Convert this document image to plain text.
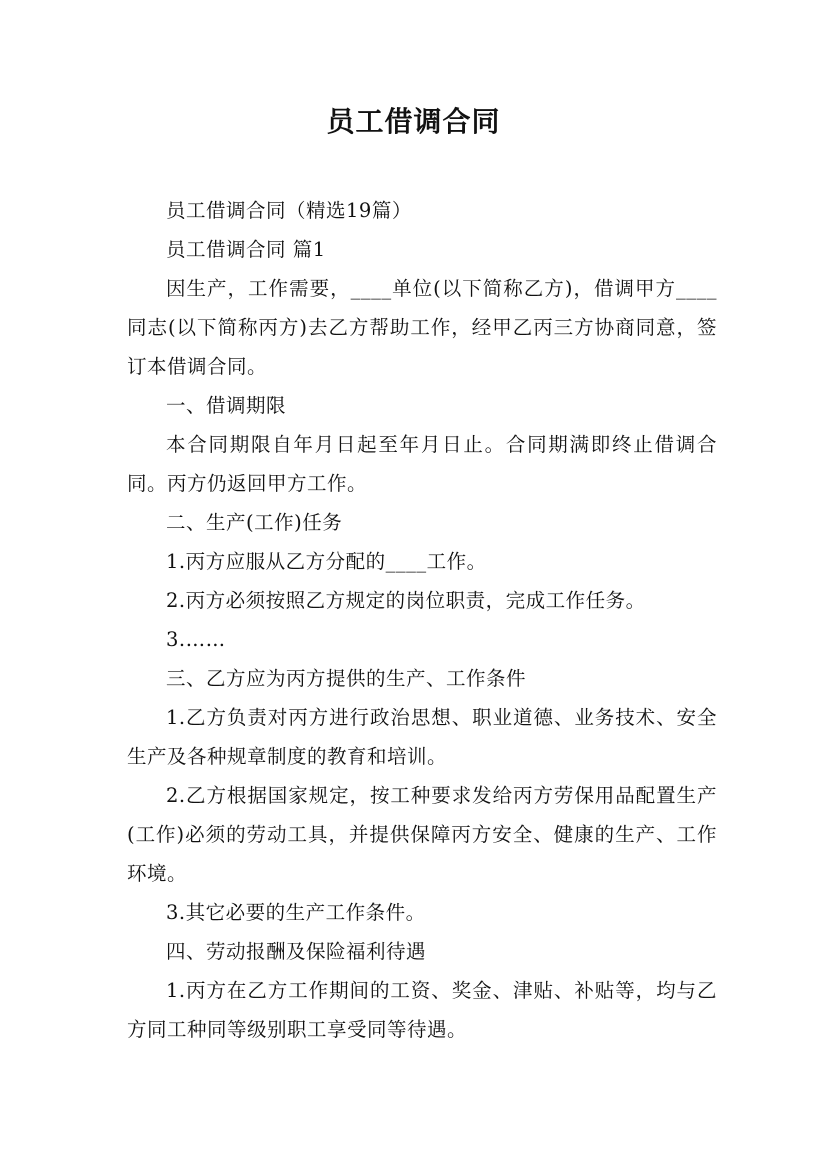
员工借调合同

员工借调合同（精选19篇）

员工借调合同 篇1

因生产，工作需要，____单位(以下简称乙方)，借调甲方____同志(以下简称丙方)去乙方帮助工作，经甲乙丙三方协商同意，签订本借调合同。

一、借调期限

本合同期限自年月日起至年月日止。合同期满即终止借调合同。丙方仍返回甲方工作。

二、生产(工作)任务

1.丙方应服从乙方分配的____工作。

2.丙方必须按照乙方规定的岗位职责，完成工作任务。

3.……

三、乙方应为丙方提供的生产、工作条件

1.乙方负责对丙方进行政治思想、职业道德、业务技术、安全生产及各种规章制度的教育和培训。

2.乙方根据国家规定，按工种要求发给丙方劳保用品配置生产(工作)必须的劳动工具，并提供保障丙方安全、健康的生产、工作环境。

3.其它必要的生产工作条件。

四、劳动报酬及保险福利待遇

1.丙方在乙方工作期间的工资、奖金、津贴、补贴等，均与乙方同工种同等级别职工享受同等待遇。
